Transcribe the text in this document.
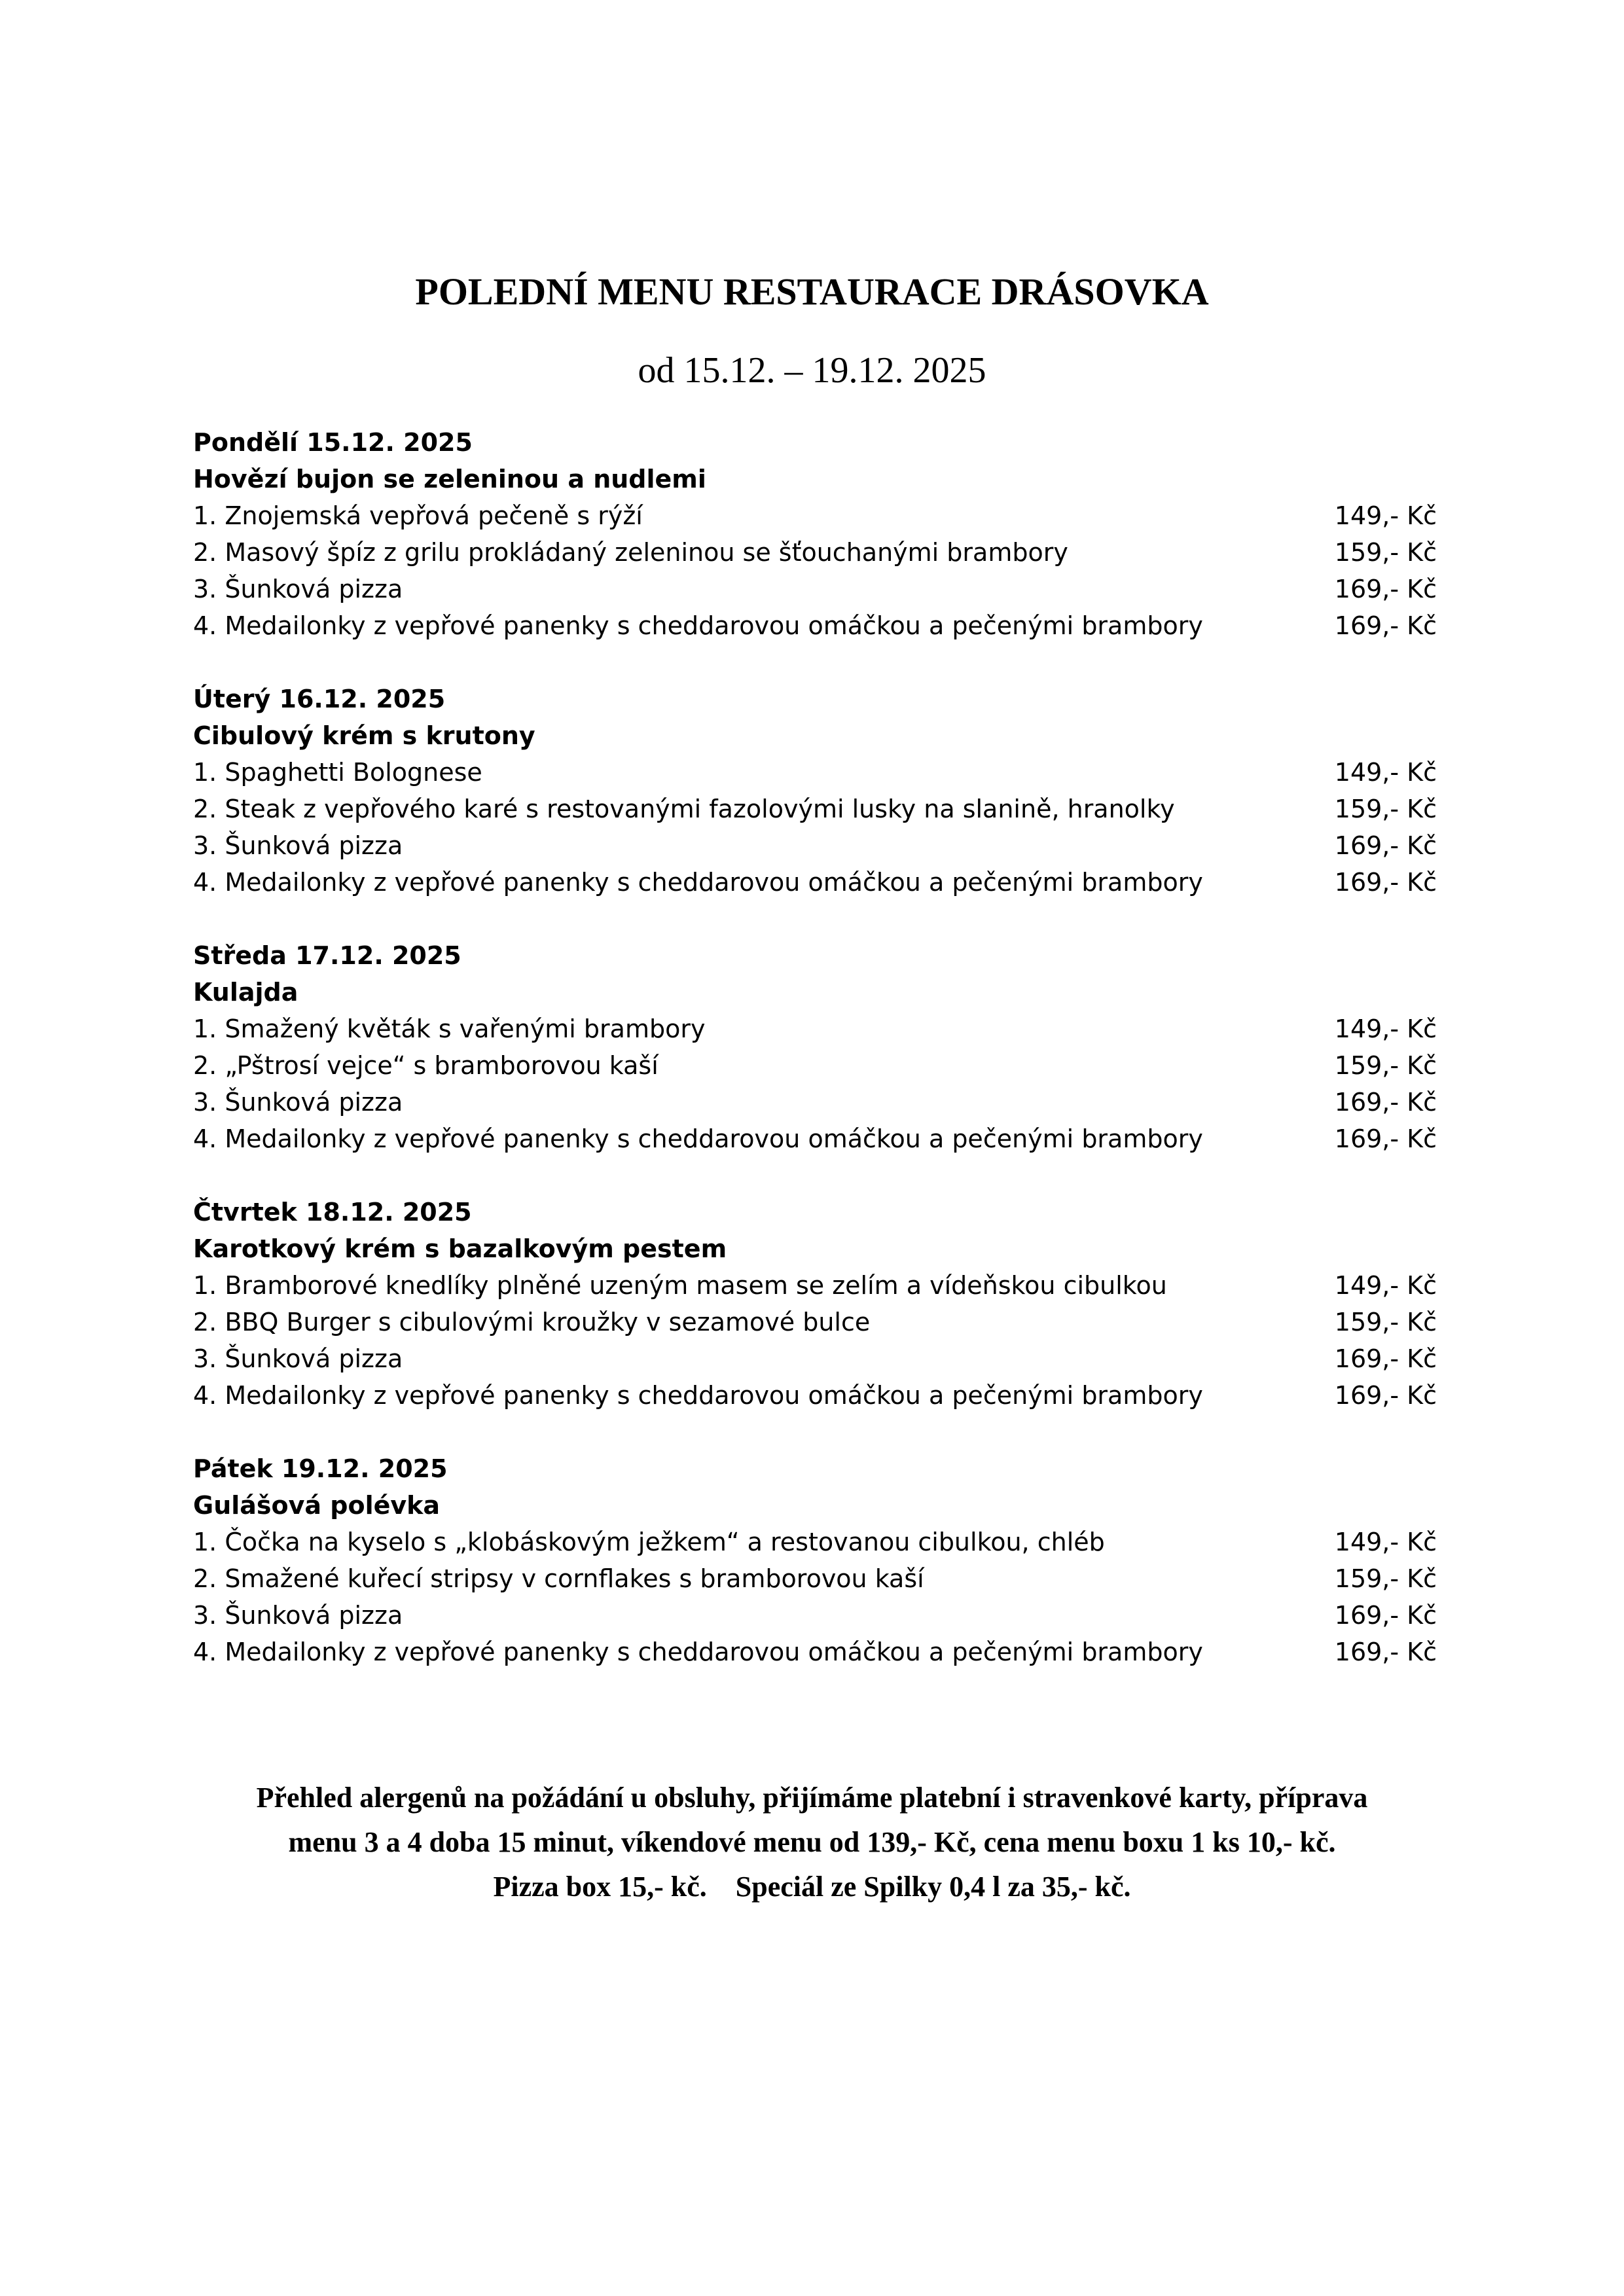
POLEDNÍ MENU RESTAURACE DRÁSOVKA
od 15.12. – 19.12. 2025
Pondělí 15.12. 2025
Hovězí bujon se zeleninou a nudlemi
1. Znojemská vepřová pečeně s rýží	149,- Kč
2. Masový špíz z grilu prokládaný zeleninou se šťouchanými brambory	159,- Kč
3. Šunková pizza	169,- Kč
4. Medailonky z vepřové panenky s cheddarovou omáčkou a pečenými brambory	169,- Kč
Úterý 16.12. 2025
Cibulový krém s krutony
1. Spaghetti Bolognese	149,- Kč
2. Steak z vepřového karé s restovanými fazolovými lusky na slanině, hranolky	159,- Kč
3. Šunková pizza	169,- Kč
4. Medailonky z vepřové panenky s cheddarovou omáčkou a pečenými brambory	169,- Kč
Středa 17.12. 2025
Kulajda
1. Smažený květák s vařenými brambory	149,- Kč
2. „Pštrosí vejce“ s bramborovou kaší	159,- Kč
3. Šunková pizza	169,- Kč
4. Medailonky z vepřové panenky s cheddarovou omáčkou a pečenými brambory	169,- Kč
Čtvrtek 18.12. 2025
Karotkový krém s bazalkovým pestem
1. Bramborové knedlíky plněné uzeným masem se zelím a vídeňskou cibulkou	149,- Kč
2. BBQ Burger s cibulovými kroužky v sezamové bulce	159,- Kč
3. Šunková pizza	169,- Kč
4. Medailonky z vepřové panenky s cheddarovou omáčkou a pečenými brambory	169,- Kč
Pátek 19.12. 2025
Gulášová polévka
1. Čočka na kyselo s „klobáskovým ježkem“ a restovanou cibulkou, chléb	149,- Kč
2. Smažené kuřecí stripsy v cornflakes s bramborovou kaší	159,- Kč
3. Šunková pizza	169,- Kč
4. Medailonky z vepřové panenky s cheddarovou omáčkou a pečenými brambory	169,- Kč
Přehled alergenů na požádání u obsluhy, přijímáme platební i stravenkové karty, příprava
menu 3 a 4 doba 15 minut, víkendové menu od 139,- Kč, cena menu boxu 1 ks 10,- kč.
Pizza box 15,- kč.    Speciál ze Spilky 0,4 l za 35,- kč.
